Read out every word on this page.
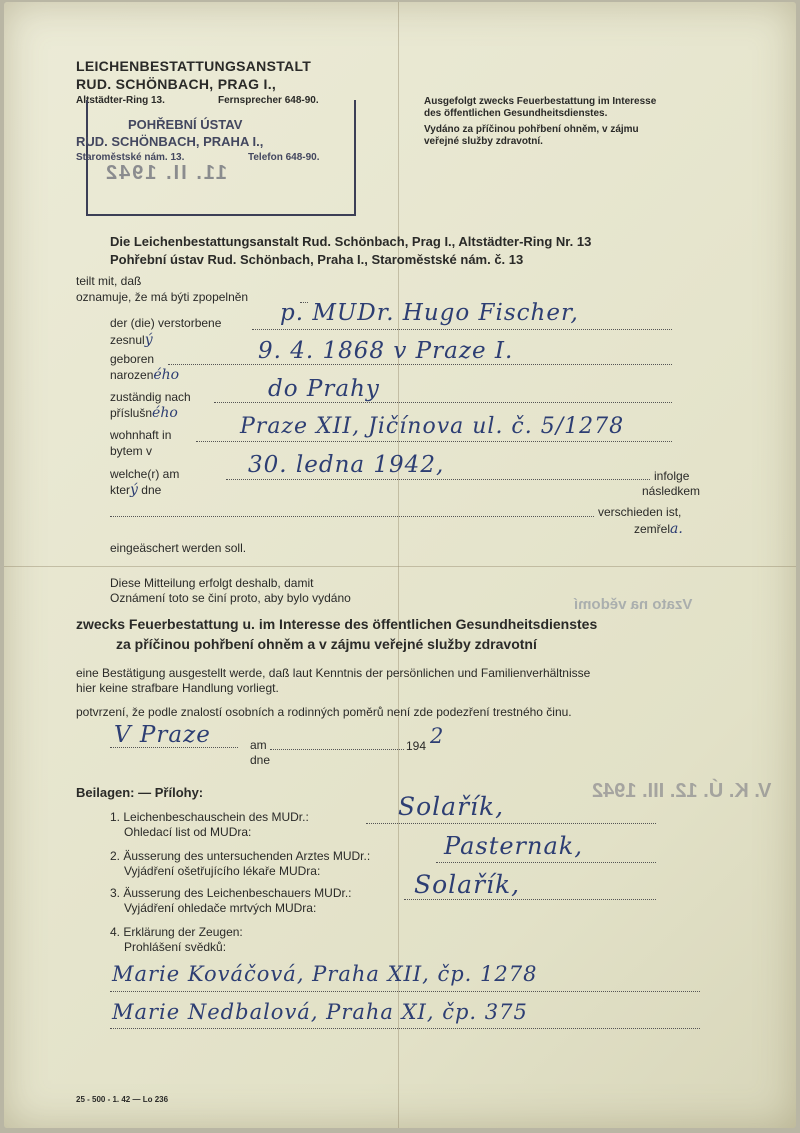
LEICHENBESTATTUNGSANSTALT
RUD. SCHÖNBACH, PRAG I.,
Altstädter-Ring 13.	Fernsprecher 648-90.
POHŘEBNÍ ÚSTAV
RUD. SCHÖNBACH, PRAHA I.,
Staroměstské nám. 13.	Telefon 648-90.
11. II. 1942
Ausgefolgt zwecks Feuerbestattung im Interesse
des öffentlichen Gesundheitsdienstes.
Vydáno za příčinou pohřbení ohněm, v zájmu
veřejné služby zdravotní.
Die Leichenbestattungsanstalt Rud. Schönbach, Prag I., Altstädter-Ring Nr. 13
Pohřební ústav Rud. Schönbach, Praha I., Staroměstské nám. č. 13
teilt mit, daß
oznamuje, že má býti zpopelněn
der (die) verstorbene
zesnulý
p. MUDr. Hugo Fischer,
geboren
narozeného
9. 4. 1868 v Praze I.
zuständig nach
příslušného
do Prahy
wohnhaft in
bytem v
Praze XII, Jičínova ul. č. 5/1278
welche(r) am
který dne
30. ledna 1942,	infolge
následkem
verschieden ist,
zemřela.
eingeäschert werden soll.
Diese Mitteilung erfolgt deshalb, damit
Oznámení toto se činí proto, aby bylo vydáno	Vzato na vědomí
zwecks Feuerbestattung u. im Interesse des öffentlichen Gesundheitsdienstes
za příčinou pohřbení ohněm a v zájmu veřejné služby zdravotní
eine Bestätigung ausgestellt werde, daß laut Kenntnis der persönlichen und Familienverhältnisse
hier keine strafbare Handlung vorliegt.
potvrzení, že podle znalostí osobních a rodinných poměrů není zde podezření trestného činu.
V Praze	am
dne
194 2
V. K. Ú. 12. III. 1942
Beilagen: — Přílohy:
1. Leichenbeschauschein des MUDr.:
Ohledací list od MUDra:
Solařík,
2. Äusserung des untersuchenden Arztes MUDr.:
Vyjádření ošetřujícího lékaře MUDra:
Pasternak,
3. Äusserung des Leichenbeschauers MUDr.:
Vyjádření ohledače mrtvých MUDra:
Solařík,
4. Erklärung der Zeugen:
Prohlášení svědků:
Marie Kováčová, Praha XII, čp. 1278
Marie Nedbalová, Praha XI, čp. 375
25 - 500 - 1. 42 — Lo 236
